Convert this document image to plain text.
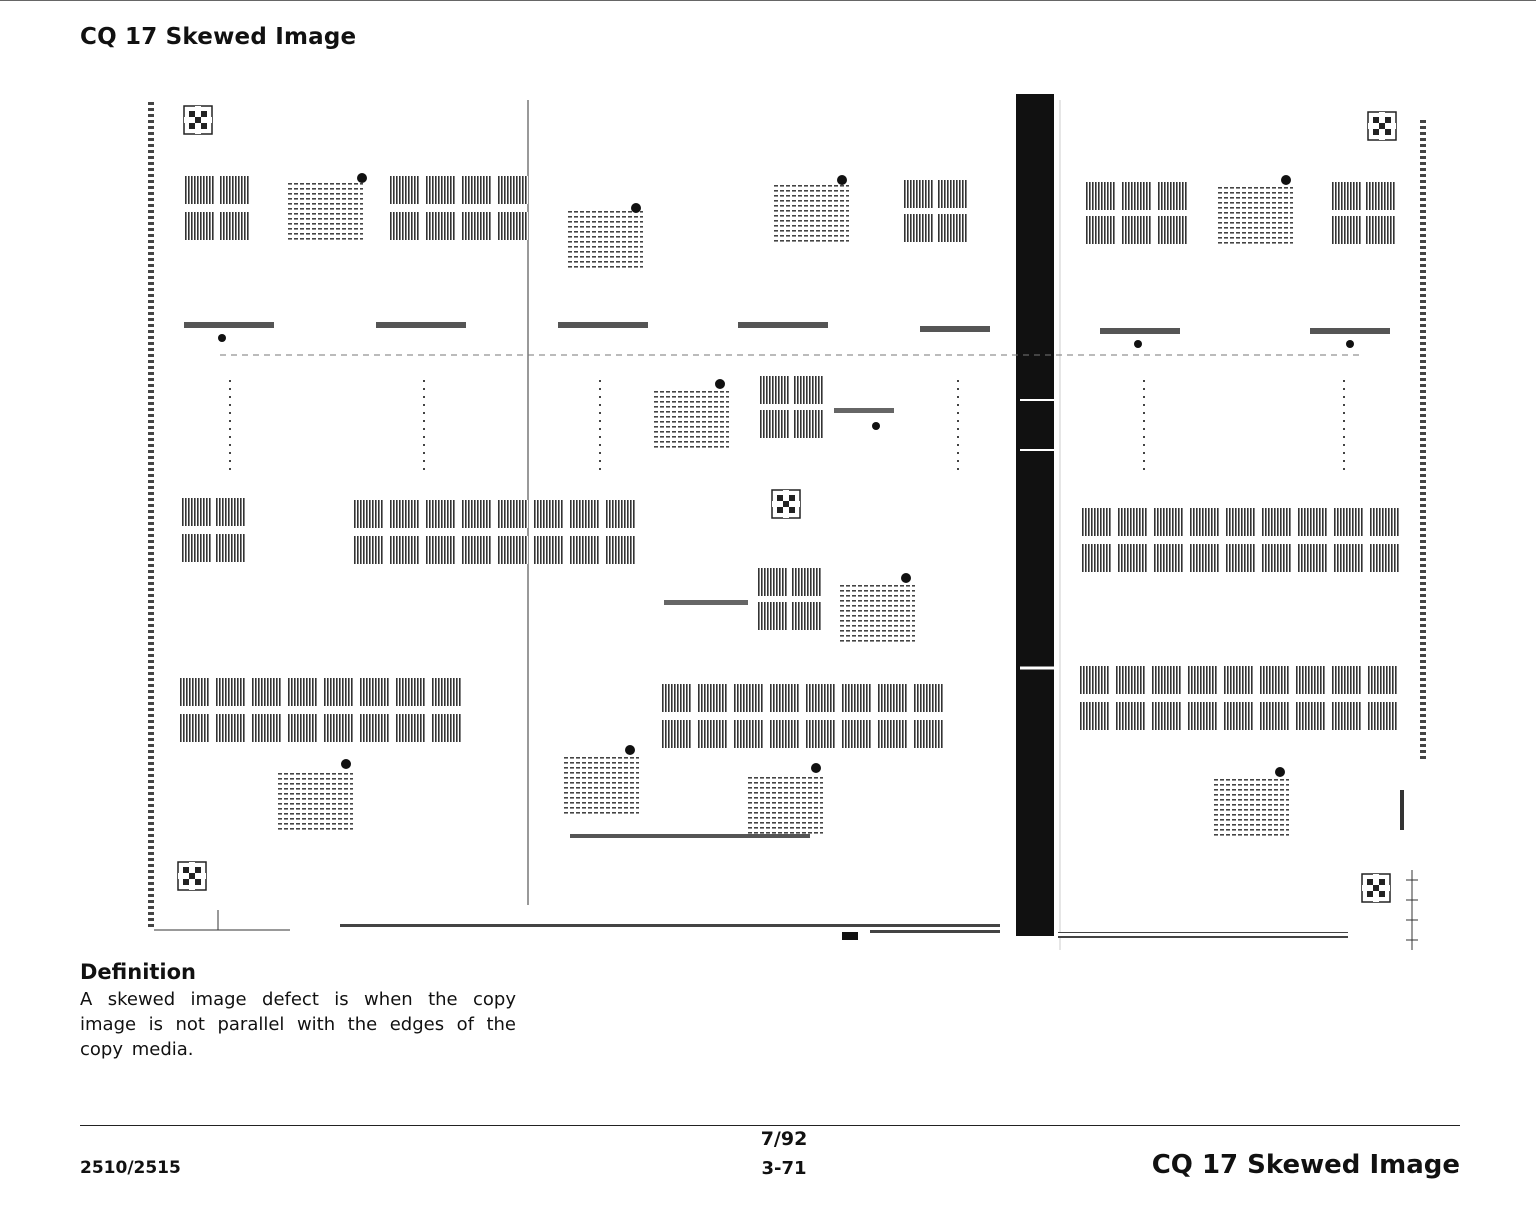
CQ 17 Skewed Image
Definition
A skewed image defect is when the copy image is not parallel with the edges of the copy media.
2510/2515
7/92
3-71	CQ 17 Skewed Image
